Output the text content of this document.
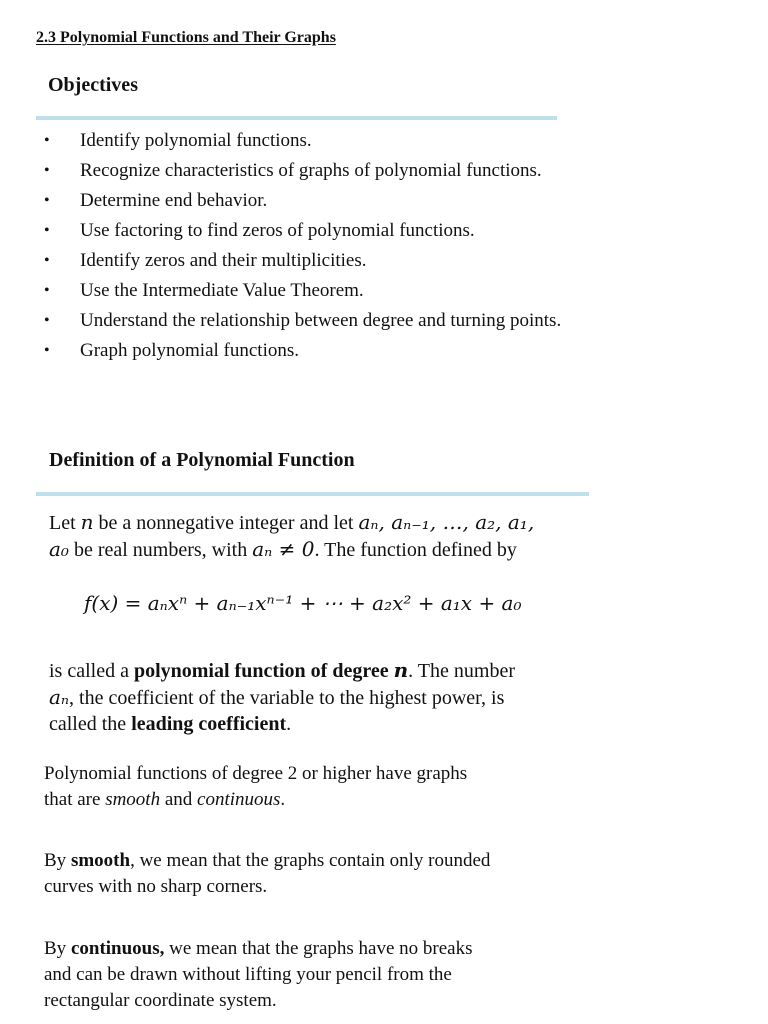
2.3 Polynomial Functions and Their Graphs
Objectives
• Identify polynomial functions.
• Recognize characteristics of graphs of polynomial functions.
• Determine end behavior.
• Use factoring to find zeros of polynomial functions.
• Identify zeros and their multiplicities.
• Use the Intermediate Value Theorem.
• Understand the relationship between degree and turning points.
• Graph polynomial functions.
Definition of a Polynomial Function
Let n be a nonnegative integer and let aₙ, aₙ₋₁, …, a₂, a₁,
a₀ be real numbers, with aₙ ≠ 0. The function defined by
f(x) = aₙxⁿ + aₙ₋₁xⁿ⁻¹ + ⋯ + a₂x² + a₁x + a₀
is called a polynomial function of degree n. The number
aₙ, the coefficient of the variable to the highest power, is
called the leading coefficient.
Polynomial functions of degree 2 or higher have graphs
that are smooth and continuous.
By smooth, we mean that the graphs contain only rounded
curves with no sharp corners.
By continuous, we mean that the graphs have no breaks
and can be drawn without lifting your pencil from the
rectangular coordinate system.
